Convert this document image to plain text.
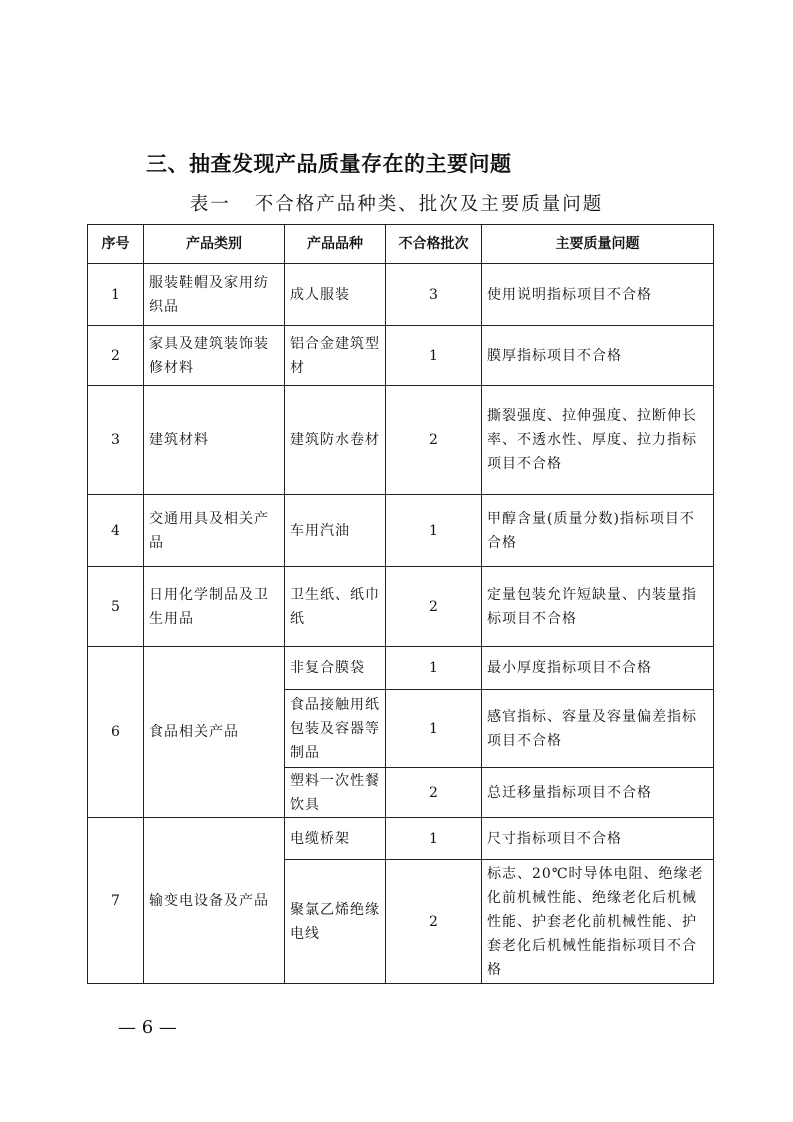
三、抽查发现产品质量存在的主要问题
表一 不合格产品种类、批次及主要质量问题
序号	产品类别	产品品种	不合格批次	主要质量问题
1	服装鞋帽及家用纺织品	成人服装	3	使用说明指标项目不合格
2	家具及建筑装饰装修材料	铝合金建筑型材	1	膜厚指标项目不合格
3	建筑材料	建筑防水卷材	2	撕裂强度、拉伸强度、拉断伸长率、不透水性、厚度、拉力指标项目不合格
4	交通用具及相关产品	车用汽油	1	甲醇含量(质量分数)指标项目不合格
5	日用化学制品及卫生用品	卫生纸、纸巾纸	2	定量包装允许短缺量、内装量指标项目不合格
6	食品相关产品	非复合膜袋	1	最小厚度指标项目不合格
		食品接触用纸包装及容器等制品	1	感官指标、容量及容量偏差指标项目不合格
		塑料一次性餐饮具	2	总迁移量指标项目不合格
7	输变电设备及产品	电缆桥架	1	尺寸指标项目不合格
		聚氯乙烯绝缘电线	2	标志、20℃时导体电阻、绝缘老化前机械性能、绝缘老化后机械性能、护套老化前机械性能、护套老化后机械性能指标项目不合格
— 6 —
